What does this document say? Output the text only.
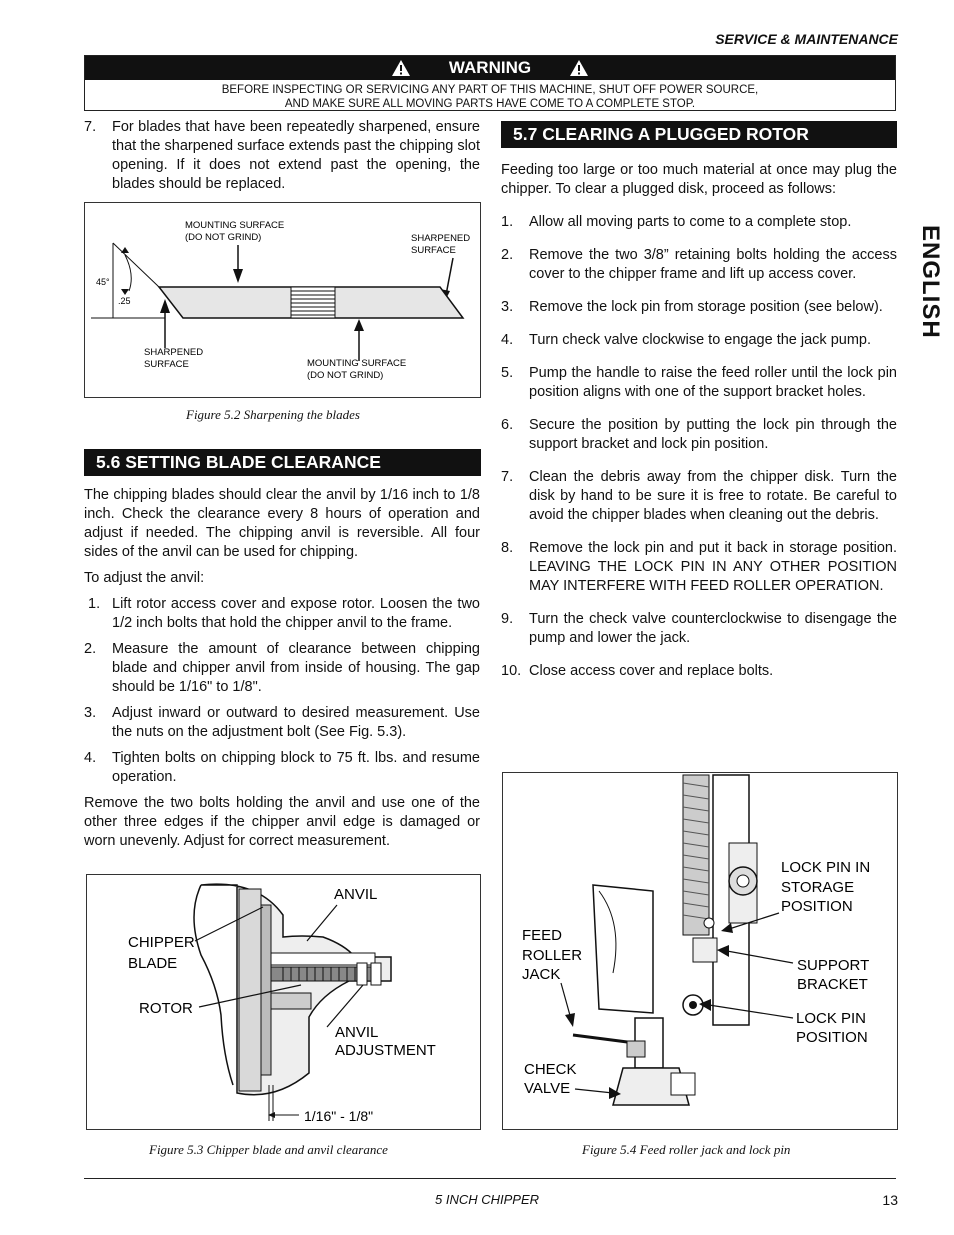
SERVICE & MAINTENANCE
WARNING
BEFORE INSPECTING OR SERVICING ANY PART OF THIS MACHINE, SHUT OFF POWER SOURCE,
AND MAKE SURE ALL MOVING PARTS HAVE COME TO A COMPLETE STOP.
ENGLISH
7. For blades that have been repeatedly sharpened, ensure that the sharpened surface extends past the chipping slot opening. If it does not extend past the opening, the blades should be replaced.
MOUNTING SURFACE
(DO NOT GRIND)	SHARPENED
SURFACE
45°
.25
SHARPENED
SURFACE	MOUNTING SURFACE
(DO NOT GRIND)
Figure 5.2 Sharpening the blades
5.6 SETTING BLADE CLEARANCE

The chipping blades should clear the anvil by 1/16 inch to 1/8 inch. Check the clearance every 8 hours of operation and adjust if needed. The chipping anvil is reversible. All four sides of the anvil can be used for chipping.

To adjust the anvil:

1. Lift rotor access cover and expose rotor. Loosen the two 1/2 inch bolts that hold the chipper anvil to the frame.
2. Measure the amount of clearance between chipping blade and chipper anvil from inside of housing. The gap should be 1/16" to 1/8".
3. Adjust inward or outward to desired measurement. Use the nuts on the adjustment bolt (See Fig. 5.3).
4. Tighten bolts on chipping block to 75 ft. lbs. and resume operation.

Remove the two bolts holding the anvil and use one of the other three edges if the chipper anvil edge is damaged or worn unevenly. Adjust for correct measurement.

ANVIL
CHIPPER
BLADE
ROTOR
ANVIL
ADJUSTMENT
1/16" - 1/8"
Figure 5.3 Chipper blade and anvil clearance
5.7 CLEARING A PLUGGED ROTOR

Feeding too large or too much material at once may plug the chipper. To clear a plugged disk, proceed as follows:

1. Allow all moving parts to come to a complete stop.
2. Remove the two 3/8” retaining bolts holding the access cover to the chipper frame and lift up access cover.
3. Remove the lock pin from storage position (see below).
4. Turn check valve clockwise to engage the jack pump.
5. Pump the handle to raise the feed roller until the lock pin position aligns with one of the support bracket holes.
6. Secure the position by putting the lock pin through the support bracket and lock pin position.
7. Clean the debris away from the chipper disk. Turn the disk by hand to be sure it is free to rotate. Be careful to avoid the chipper blades when cleaning out the debris.
8. Remove the lock pin and put it back in storage position. LEAVING THE LOCK PIN IN ANY OTHER POSITION MAY INTERFERE WITH FEED ROLLER OPERATION.
9. Turn the check valve counterclockwise to disengage the pump and lower the jack.
10. Close access cover and replace bolts.
LOCK PIN IN
STORAGE
POSITION
FEED
ROLLER
JACK
SUPPORT
BRACKET
LOCK PIN
POSITION
CHECK
VALVE
Figure 5.4 Feed roller jack and lock pin
5 INCH CHIPPER	13
